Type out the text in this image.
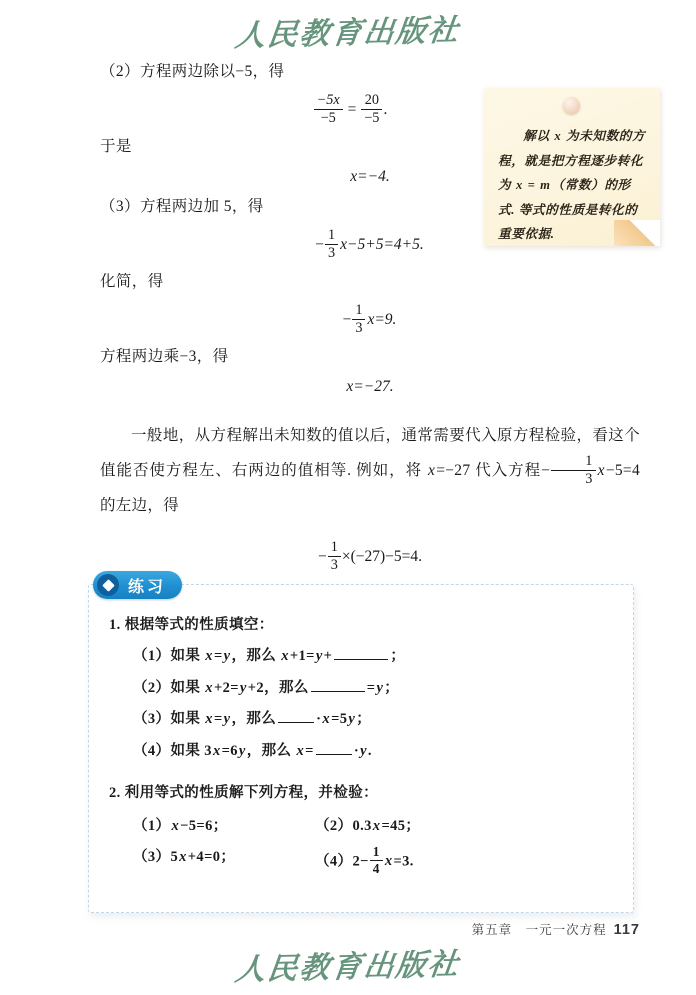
人民教育出版社

（2）方程两边除以−5，得

$\frac{-5x}{-5} = \frac{20}{-5}$ .

于是

x=−4.

（3）方程两边加 5，得

− $\frac{1}{3} x-5+5=4+5$.

化简，得

− $\frac{1}{3} x=9$.

方程两边乘−3，得

x=−27.

一般地，从方程解出未知数的值以后，通常需要代入原方程检验，看这个值能否使方程左、右两边的值相等. 例如，将 x=−27 代入方程− $\frac{1}{3} x-5=4$ 的左边，得

− $\frac{1}{3} \times(-27)-5=4$.

解以 x 为未知数的方程，就是把方程逐步转化为 x = m（常数）的形式. 等式的性质是转化的重要依据.
练习

1. 根据等式的性质填空：

（1）如果 x=y，那么 x+1=y+	；

（2）如果 x+2=y+2，那么	=y；

（3）如果 x=y，那么	·x=5y；

（4）如果 3x=6y，那么 x=	·y.

2. 利用等式的性质解下列方程，并检验：

（1）x−5=6；	（2）0.3x=45；
（3）5x+4=0；	$(4)2- \frac{1}{4} x=3$.
第五章　一元一次方程 117
人民教育出版社
